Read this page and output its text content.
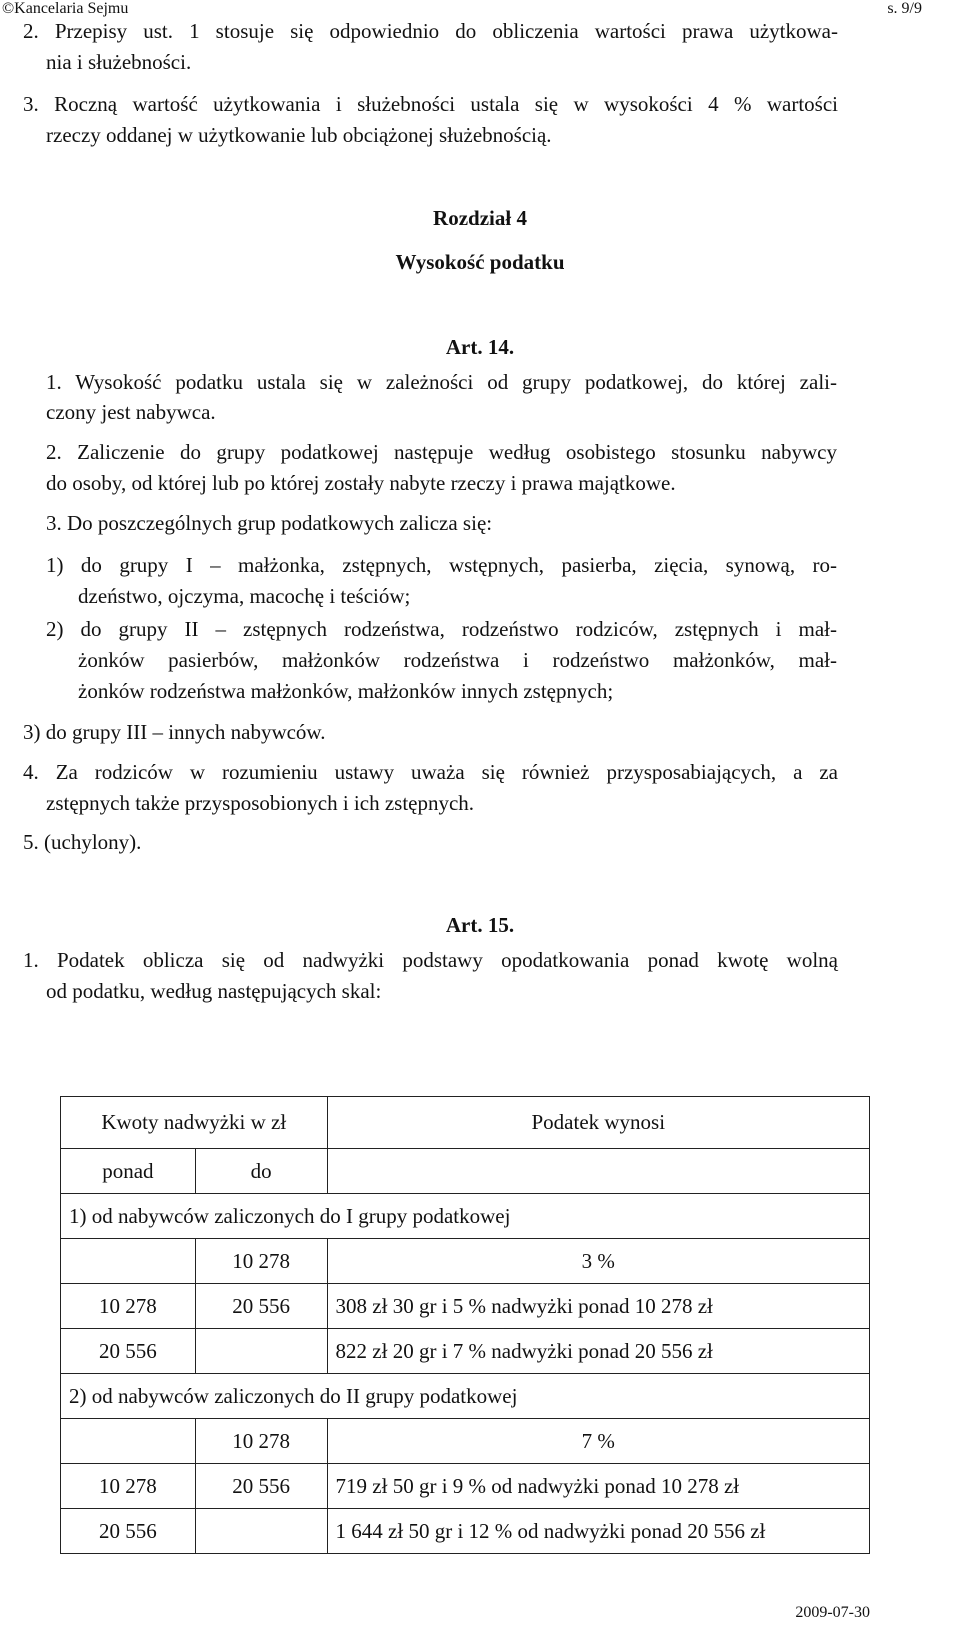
©Kancelaria Sejmu	s. 9/9
2. Przepisy ust. 1 stosuje się odpowiednio do obliczenia wartości prawa użytkowa-
nia i służebności.
3. Roczną wartość użytkowania i służebności ustala się w wysokości 4 % wartości
rzeczy oddanej w użytkowanie lub obciążonej służebnością.
Rozdział 4
Wysokość podatku
Art. 14.
1. Wysokość podatku ustala się w zależności od grupy podatkowej, do której zali-
czony jest nabywca.
2. Zaliczenie do grupy podatkowej następuje według osobistego stosunku nabywcy
do osoby, od której lub po której zostały nabyte rzeczy i prawa majątkowe.
3. Do poszczególnych grup podatkowych zalicza się:
1) do grupy I – małżonka, zstępnych, wstępnych, pasierba, zięcia, synową, ro-
dzeństwo, ojczyma, macochę i teściów;
2) do grupy II – zstępnych rodzeństwa, rodzeństwo rodziców, zstępnych i mał-
żonków pasierbów, małżonków rodzeństwa i rodzeństwo małżonków, mał-
żonków rodzeństwa małżonków, małżonków innych zstępnych;
3) do grupy III – innych nabywców.
4. Za rodziców w rozumieniu ustawy uważa się również przysposabiających, a za
zstępnych także przysposobionych i ich zstępnych.
5. (uchylony).
Art. 15.
1. Podatek oblicza się od nadwyżki podstawy opodatkowania ponad kwotę wolną
od podatku, według następujących skal:
Kwoty nadwyżki w zł		Podatek wynosi
ponad	do	
1) od nabywców zaliczonych do I grupy podatkowej		
	10 278	3 %
10 278	20 556	308 zł 30 gr i 5 % nadwyżki ponad 10 278 zł
20 556		822 zł 20 gr i 7 % nadwyżki ponad 20 556 zł
2) od nabywców zaliczonych do II grupy podatkowej		
	10 278	7 %
10 278	20 556	719 zł 50 gr i 9 % od nadwyżki ponad 10 278 zł
20 556		1 644 zł 50 gr i 12 % od nadwyżki ponad 20 556 zł
2009-07-30
